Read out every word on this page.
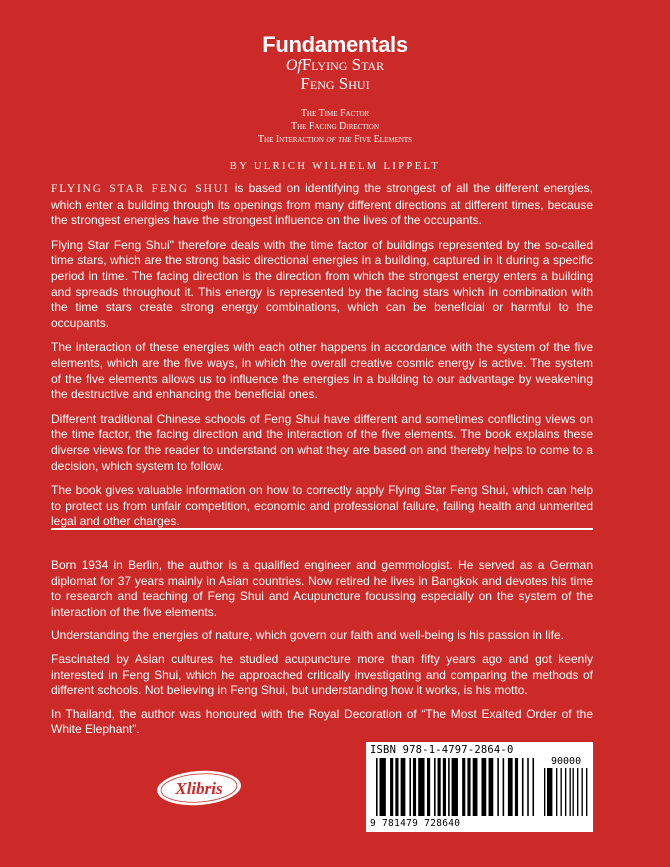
Fundamentals
OfFlying Star
Feng Shui
The Time Factor
The Facing Direction
The Interaction of the Five Elements
BY ULRICH WILHELM LIPPELT

FLYING STAR FENG SHUI is based on identifying the strongest of all the different energies, which enter a building through its openings from many different directions at different times, because the strongest energies have the strongest influence on the lives of the occupants.

Flying Star Feng Shui" therefore deals with the time factor of buildings represented by the so-called time stars, which are the strong basic directional energies in a building, captured in it during a specific period in time. The facing direction is the direction from which the strongest energy enters a building and spreads throughout it. This energy is represented by the facing stars which in combination with the time stars create strong energy combinations, which can be beneficial or harmful to the occupants.

The interaction of these energies with each other happens in accordance with the system of the five elements, which are the five ways, in which the overall creative cosmic energy is active. The system of the five elements allows us to influence the energies in a building to our advantage by weakening the destructive and enhancing the beneficial ones.

Different traditional Chinese schools of Feng Shui have different and sometimes conflicting views on the time factor, the facing direction and the interaction of the five elements. The book explains these diverse views for the reader to understand on what they are based on and thereby helps to come to a decision, which system to follow.

The book gives valuable information on how to correctly apply Flying Star Feng Shui, which can help to protect us from unfair competition, economic and professional failure, failing health and unmerited legal and other charges.

Born 1934 in Berlin, the author is a qualified engineer and gemmologist. He served as a German diplomat for 37 years mainly in Asian countries. Now retired he lives in Bangkok and devotes his time to research and teaching of Feng Shui and Acupuncture focussing especially on the system of the interaction of the five elements.

Understanding the energies of nature, which govern our faith and well-being is his passion in life.

Fascinated by Asian cultures he studied acupuncture more than fifty years ago and got keenly interested in Feng Shui, which he approached critically investigating and comparing the methods of different schools. Not believing in Feng Shui, but understanding how it works, is his motto.

In Thailand, the author was honoured with the Royal Decoration of “The Most Exalted Order of the White Elephant”.

Xlibris
ISBN 978-1-4797-2864-0
90000
9 781479 728640
